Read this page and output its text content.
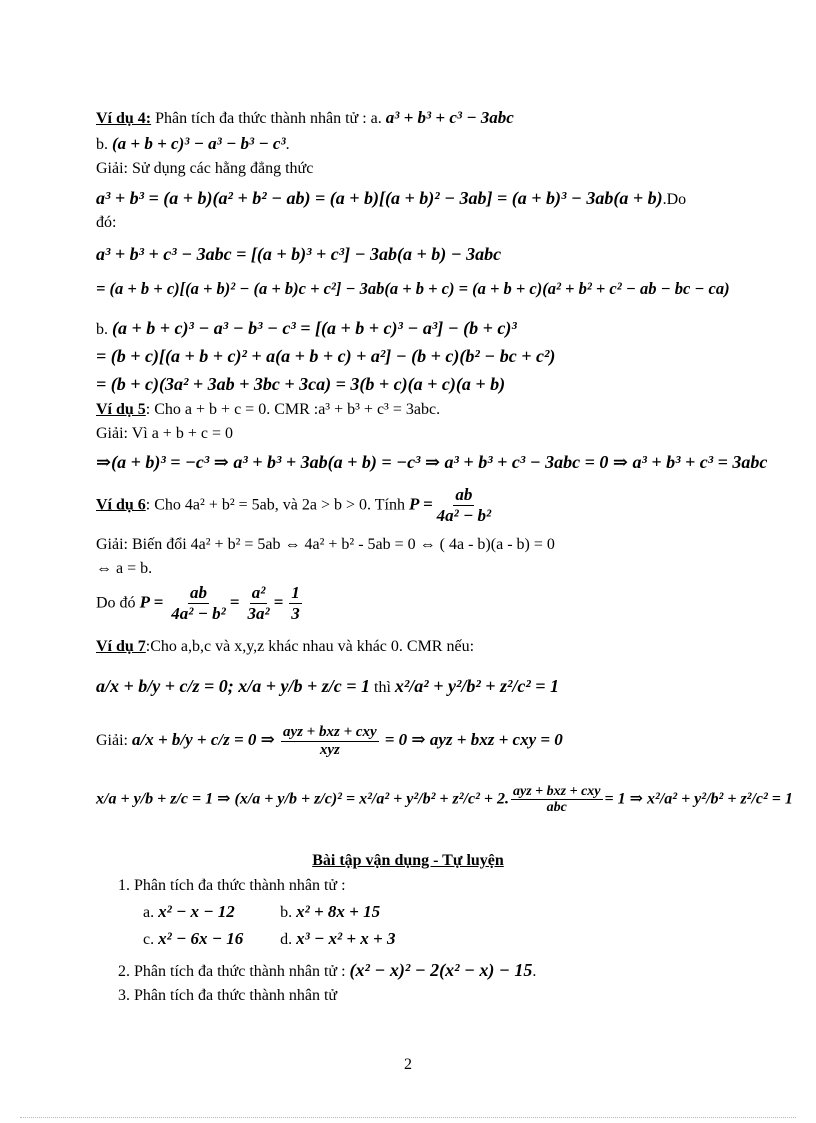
Ví dụ 4: Phân tích đa thức thành nhân tử : a. a³ + b³ + c³ − 3abc
b. (a + b + c)³ − a³ − b³ − c³.
Giải: Sử dụng các hằng đẳng thức
a³ + b³ = (a + b)(a² + b² − ab) = (a + b)[(a + b)² − 3ab] = (a + b)³ − 3ab(a + b).Do
đó:
a³ + b³ + c³ − 3abc = [(a + b)³ + c³] − 3ab(a + b) − 3abc
= (a + b + c)[(a + b)² − (a + b)c + c²] − 3ab(a + b + c) = (a + b + c)(a² + b² + c² − ab − bc − ca)
b. (a + b + c)³ − a³ − b³ − c³ = [(a + b + c)³ − a³] − (b + c)³
= (b + c)[(a + b + c)² + a(a + b + c) + a²] − (b + c)(b² − bc + c²)
= (b + c)(3a² + 3ab + 3bc + 3ca) = 3(b + c)(a + c)(a + b)
Ví dụ 5: Cho a + b + c = 0. CMR :a³ + b³ + c³ = 3abc.
Giải: Vì a + b + c = 0
⇒(a + b)³ = −c³ ⇒ a³ + b³ + 3ab(a + b) = −c³ ⇒ a³ + b³ + c³ − 3abc = 0 ⇒ a³ + b³ + c³ = 3abc
Ví dụ 6: Cho 4a² + b² = 5ab, và 2a > b > 0. Tính $P = \frac{ab}{\text{4a² − b²}}$
Giải: Biến đổi 4a² + b² = 5ab ⇔ 4a² + b² - 5ab = 0 ⇔ ( 4a - b)(a - b) = 0
⇔ a = b.
Do đó $P = \frac{ab}{\text{4a² − b²}} = \frac{\text{a²}}{\text{3a²}} = \frac{1}{3}$
Ví dụ 7:Cho a,b,c và x,y,z khác nhau và khác 0. CMR nếu:
a/x + b/y + c/z = 0; x/a + y/b + z/c = 1 thì x²/a² + y²/b² + z²/c² = 1
Giải: a/x + b/y + c/z = 0 ⇒ ayz + bxz + cxy
xyz
= 0 ⇒ ayz + bxz + cxy = 0
x/a + y/b + z/c = 1 ⇒ (x/a + y/b + z/c)² = x²/a² + y²/b² + z²/c² + 2. ayz + bxz + cxy
abc
= 1 ⇒ x²/a² + y²/b² + z²/c² = 1
Bài tập vận dụng - Tự luyện
1. Phân tích đa thức thành nhân tử :
a. x² − x − 12	b. x² + 8x + 15
c. x² − 6x − 16 d. x³ − x² + x + 3
2. Phân tích đa thức thành nhân tử : (x² − x)² − 2(x² − x) − 15.
3. Phân tích đa thức thành nhân tử
2
